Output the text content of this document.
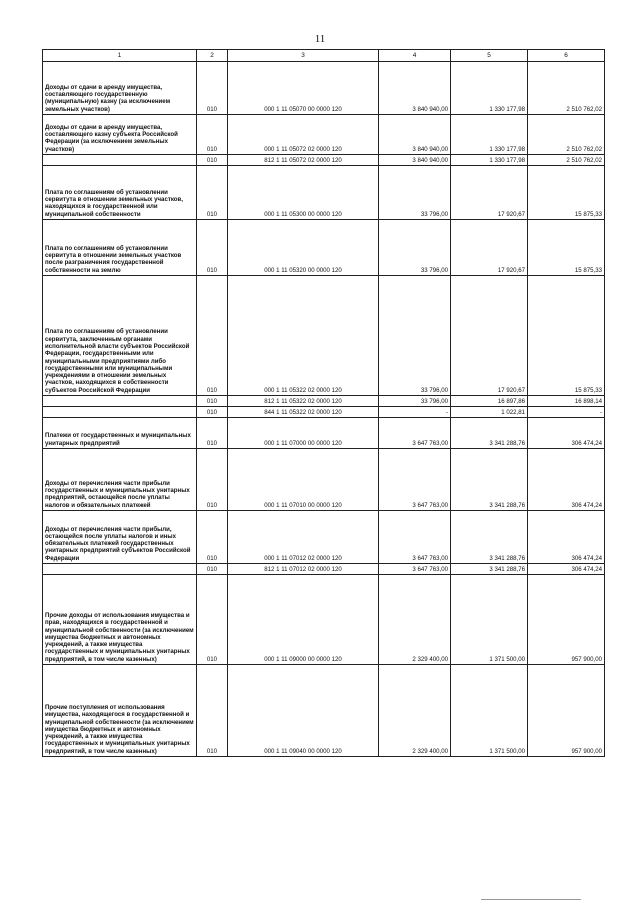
11
1	2	3	4	5	6
Доходы от сдачи в аренду имущества, составляющего государственную (муниципальную) казну (за исключением земельных участков)	010	000 1 11 05070 00 0000 120	3 840 940,00	1 330 177,98	2 510 762,02
Доходы от сдачи в аренду имущества, составляющего казну субъекта Российской Федерации (за исключением земельных участков)	010	000 1 11 05072 02 0000 120	3 840 940,00	1 330 177,98	2 510 762,02
	010	812 1 11 05072 02 0000 120	3 840 940,00	1 330 177,98	2 510 762,02
Плата по соглашениям об установлении сервитута в отношении земельных участков, находящихся в государственной или муниципальной собственности	010	000 1 11 05300 00 0000 120	33 796,00	17 920,67	15 875,33
Плата по соглашениям об установлении сервитута в отношении земельных участков после разграничения государственной собственности на землю	010	000 1 11 05320 00 0000 120	33 796,00	17 920,67	15 875,33
Плата по соглашениям об установлении сервитута, заключенным органами исполнительной власти субъектов Российской Федерации, государственными или муниципальными предприятиями либо государственными или муниципальными учреждениями в отношении земельных участков, находящихся в собственности субъектов Российской Федерации	010	000 1 11 05322 02 0000 120	33 796,00	17 920,67	15 875,33
	010	812 1 11 05322 02 0000 120	33 796,00	16 897,86	16 898,14
	010	844 1 11 05322 02 0000 120	-	1 022,81	-
Платежи от государственных и муниципальных унитарных предприятий	010	000 1 11 07000 00 0000 120	3 647 763,00	3 341 288,76	306 474,24
Доходы от перечисления части прибыли государственных и муниципальных унитарных предприятий, остающейся после уплаты налогов и обязательных платежей	010	000 1 11 07010 00 0000 120	3 647 763,00	3 341 288,76	306 474,24
Доходы от перечисления части прибыли, остающейся после уплаты налогов и иных обязательных платежей государственных унитарных предприятий субъектов Российской Федерации	010	000 1 11 07012 02 0000 120	3 647 763,00	3 341 288,76	306 474,24
	010	812 1 11 07012 02 0000 120	3 647 763,00	3 341 288,76	306 474,24
Прочие доходы от использования имущества и прав, находящихся в государственной и муниципальной собственности (за исключением имущества бюджетных и автономных учреждений, а также имущества государственных и муниципальных унитарных предприятий, в том числе казенных)	010	000 1 11 09000 00 0000 120	2 329 400,00	1 371 500,00	957 900,00
Прочие поступления от использования имущества, находящегося в государственной и муниципальной собственности (за исключением имущества бюджетных и автономных учреждений, а также имущества государственных и муниципальных унитарных предприятий, в том числе казенных)	010	000 1 11 09040 00 0000 120	2 329 400,00	1 371 500,00	957 900,00
